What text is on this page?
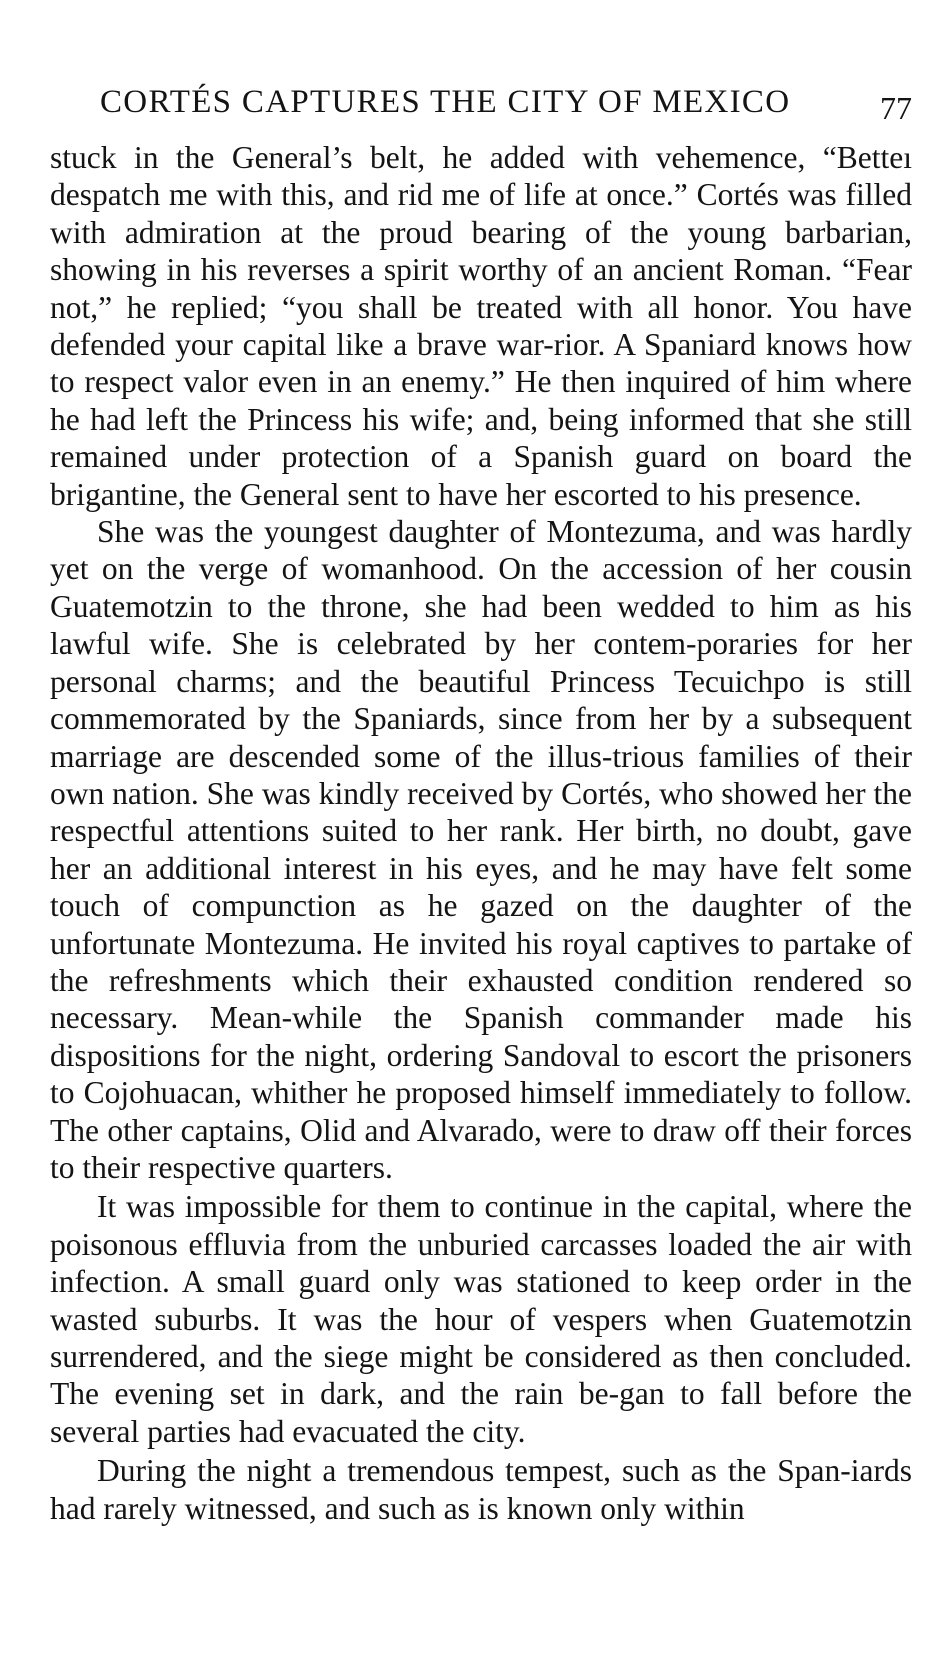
CORTÉS CAPTURES THE CITY OF MEXICO	77

stuck in the General’s belt, he added with vehemence, “Betteı despatch me with this, and rid me of life at once.” Cortés was filled with admiration at the proud bearing of the young barbarian, showing in his reverses a spirit worthy of an ancient Roman. “Fear not,” he replied; “you shall be treated with all honor. You have defended your capital like a brave war-rior. A Spaniard knows how to respect valor even in an enemy.” He then inquired of him where he had left the Princess his wife; and, being informed that she still remained under protection of a Spanish guard on board the brigantine, the General sent to have her escorted to his presence.

She was the youngest daughter of Montezuma, and was hardly yet on the verge of womanhood. On the accession of her cousin Guatemotzin to the throne, she had been wedded to him as his lawful wife. She is celebrated by her contem-poraries for her personal charms; and the beautiful Princess Tecuichpo is still commemorated by the Spaniards, since from her by a subsequent marriage are descended some of the illus-trious families of their own nation. She was kindly received by Cortés, who showed her the respectful attentions suited to her rank. Her birth, no doubt, gave her an additional interest in his eyes, and he may have felt some touch of compunction as he gazed on the daughter of the unfortunate Montezuma. He invited his royal captives to partake of the refreshments which their exhausted condition rendered so necessary. Mean-while the Spanish commander made his dispositions for the night, ordering Sandoval to escort the prisoners to Cojohuacan, whither he proposed himself immediately to follow. The other captains, Olid and Alvarado, were to draw off their forces to their respective quarters.

It was impossible for them to continue in the capital, where the poisonous effluvia from the unburied carcasses loaded the air with infection. A small guard only was stationed to keep order in the wasted suburbs. It was the hour of vespers when Guatemotzin surrendered, and the siege might be considered as then concluded. The evening set in dark, and the rain be-gan to fall before the several parties had evacuated the city.

During the night a tremendous tempest, such as the Span-iards had rarely witnessed, and such as is known only within
